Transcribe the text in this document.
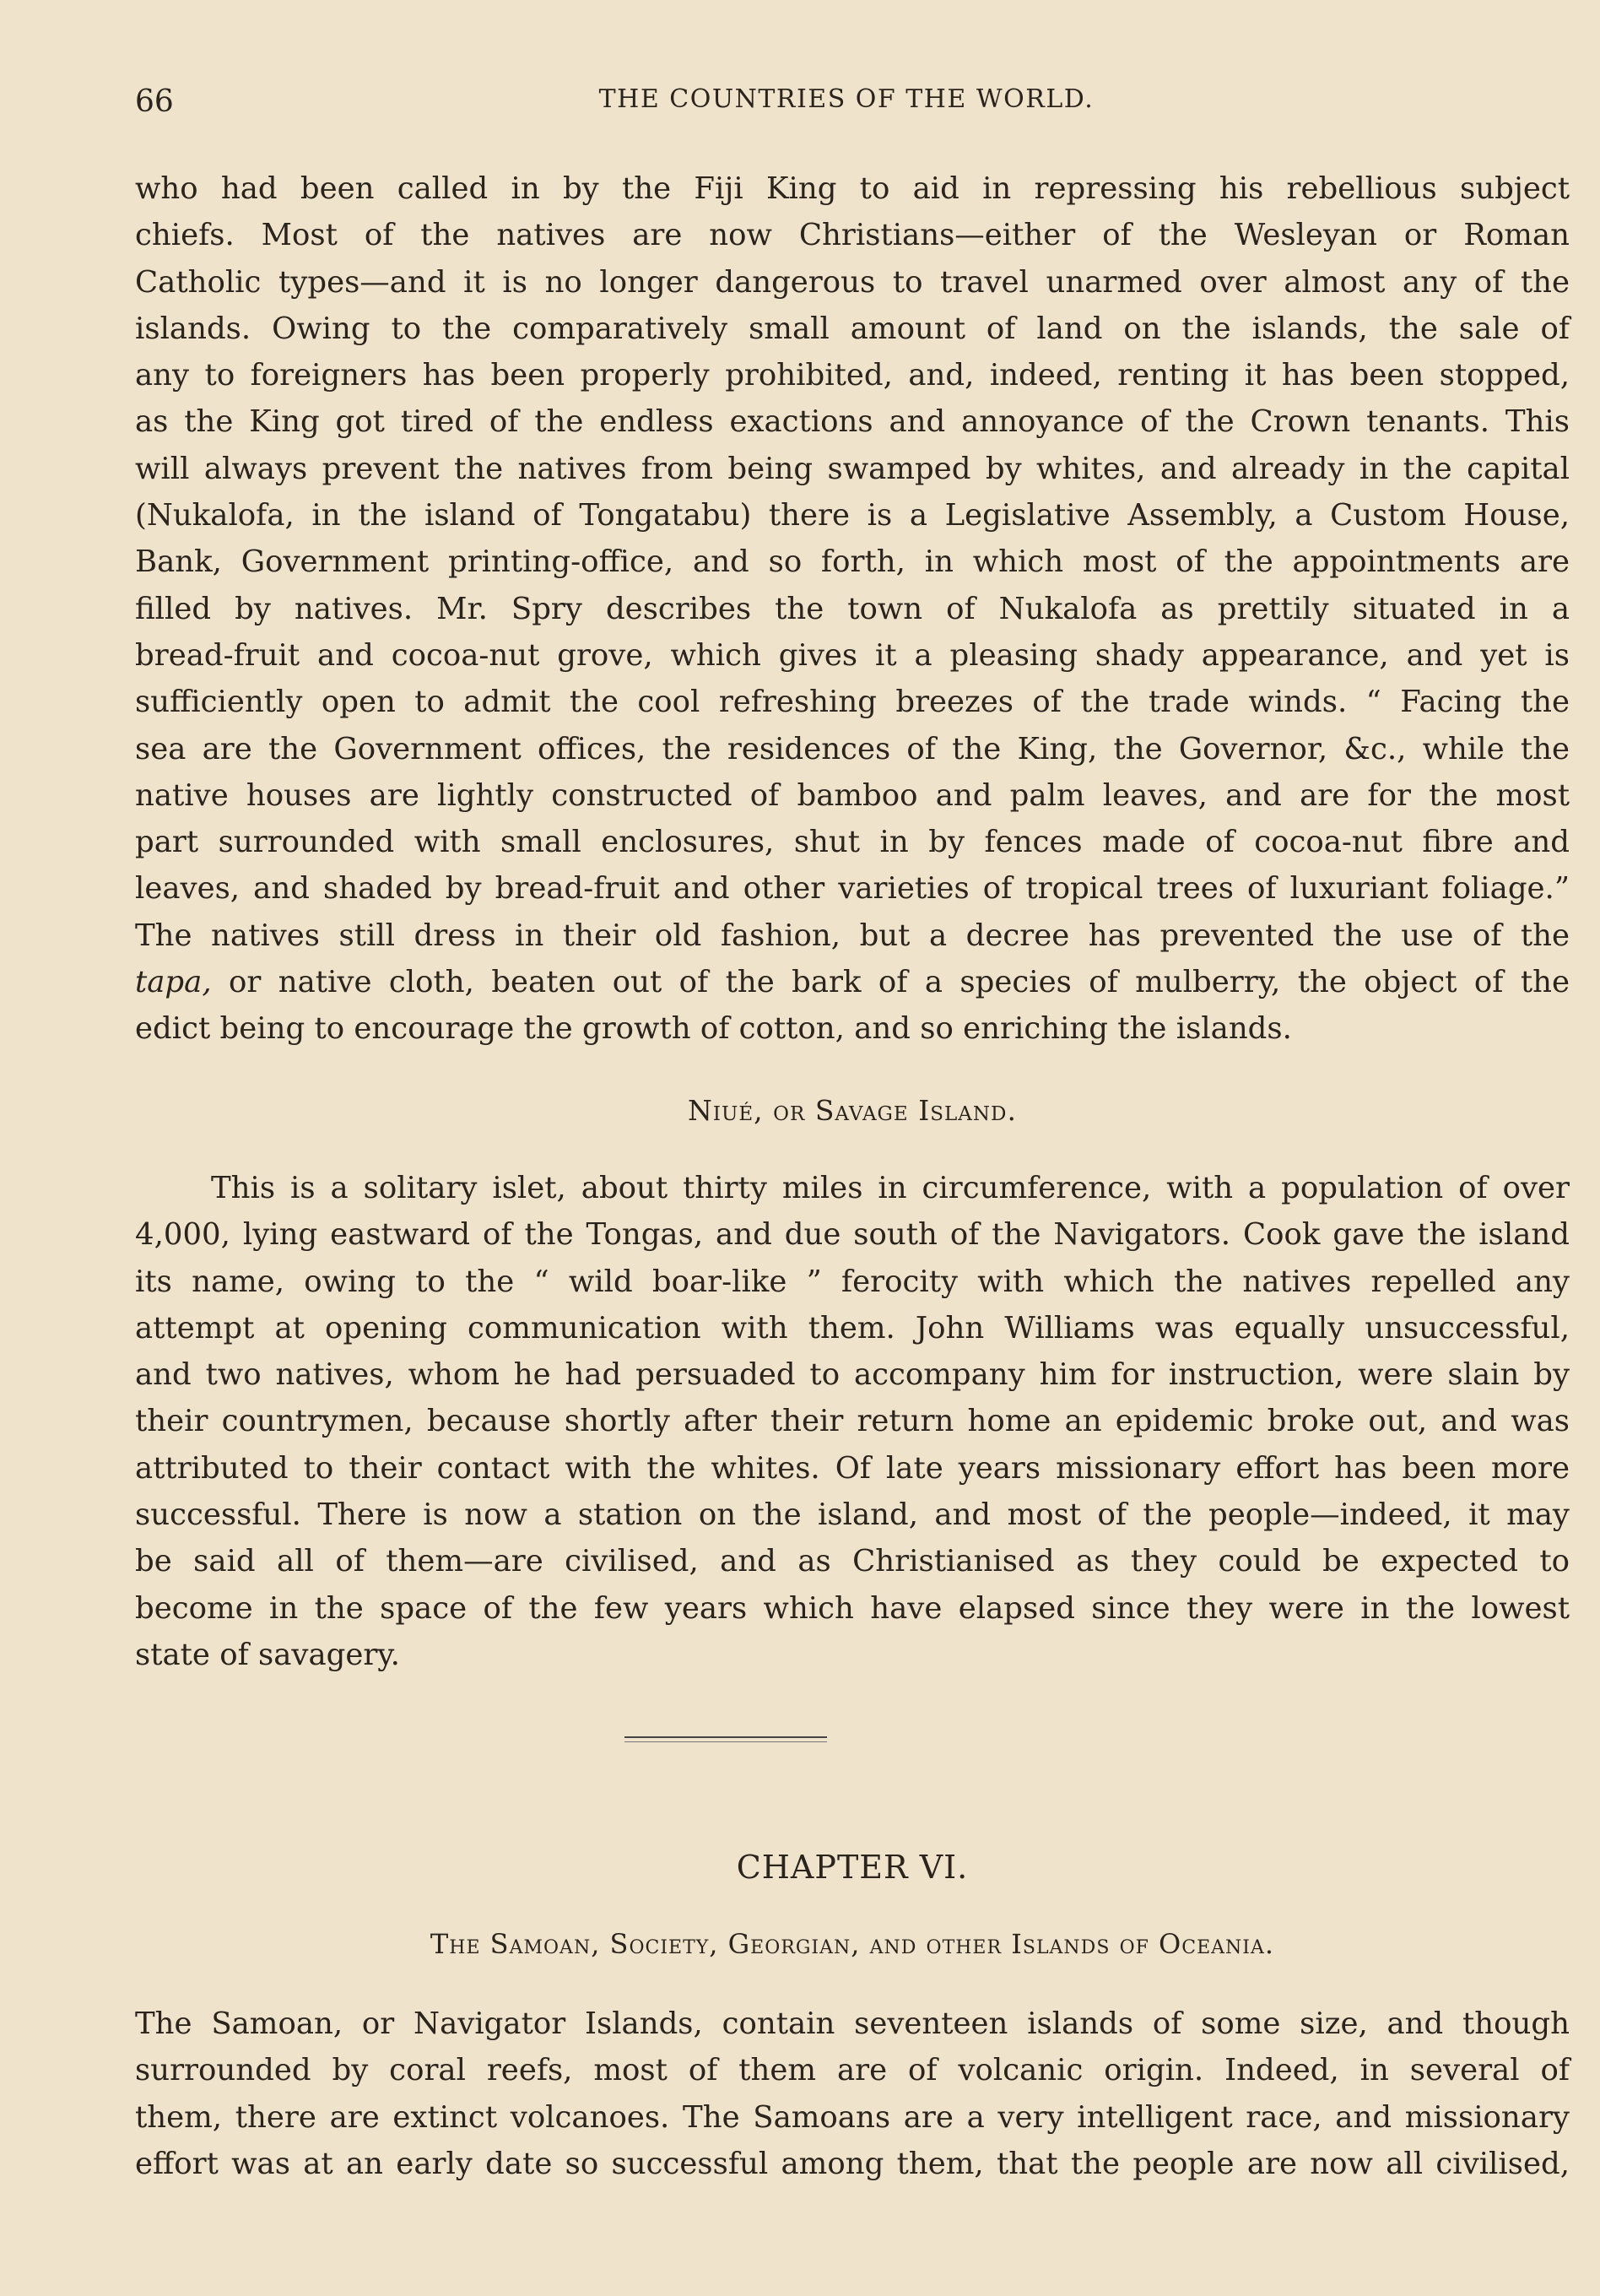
66	THE COUNTRIES OF THE WORLD.
who had been called in by the Fiji King to aid in repressing his rebellious subject
chiefs. Most of the natives are now Christians—either of the Wesleyan or Roman
Catholic types—and it is no longer dangerous to travel unarmed over almost any of the
islands. Owing to the comparatively small amount of land on the islands, the sale of
any to foreigners has been properly prohibited, and, indeed, renting it has been stopped,
as the King got tired of the endless exactions and annoyance of the Crown tenants. This
will always prevent the natives from being swamped by whites, and already in the capital
(Nukalofa, in the island of Tongatabu) there is a Legislative Assembly, a Custom House,
Bank, Government printing-office, and so forth, in which most of the appointments are
filled by natives. Mr. Spry describes the town of Nukalofa as prettily situated in a
bread-fruit and cocoa-nut grove, which gives it a pleasing shady appearance, and yet is
sufficiently open to admit the cool refreshing breezes of the trade winds. “ Facing the
sea are the Government offices, the residences of the King, the Governor, &c., while the
native houses are lightly constructed of bamboo and palm leaves, and are for the most
part surrounded with small enclosures, shut in by fences made of cocoa-nut fibre and
leaves, and shaded by bread-fruit and other varieties of tropical trees of luxuriant foliage.”
The natives still dress in their old fashion, but a decree has prevented the use of the
tapa, or native cloth, beaten out of the bark of a species of mulberry, the object of the
edict being to encourage the growth of cotton, and so enriching the islands.
Niué, or Savage Island.
This is a solitary islet, about thirty miles in circumference, with a population of over
4,000, lying eastward of the Tongas, and due south of the Navigators. Cook gave the island
its name, owing to the “ wild boar-like ” ferocity with which the natives repelled any
attempt at opening communication with them. John Williams was equally unsuccessful,
and two natives, whom he had persuaded to accompany him for instruction, were slain by
their countrymen, because shortly after their return home an epidemic broke out, and was
attributed to their contact with the whites. Of late years missionary effort has been more
successful. There is now a station on the island, and most of the people—indeed, it may
be said all of them—are civilised, and as Christianised as they could be expected to
become in the space of the few years which have elapsed since they were in the lowest
state of savagery.
CHAPTER VI.
The Samoan, Society, Georgian, and other Islands of Oceania.
The Samoan, or Navigator Islands, contain seventeen islands of some size, and though
surrounded by coral reefs, most of them are of volcanic origin. Indeed, in several of
them, there are extinct volcanoes. The Samoans are a very intelligent race, and missionary
effort was at an early date so successful among them, that the people are now all civilised,
